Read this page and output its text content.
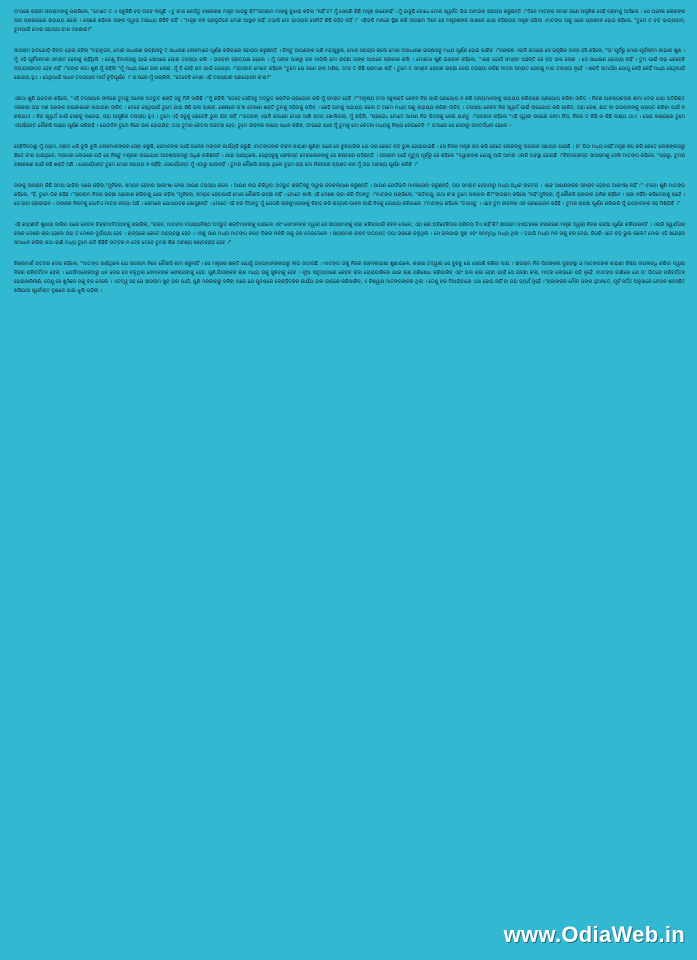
ତା'ପରେ ରାଜଜୀ ସୀତାରାମଙ୍କୁ ପଚାରିଲେ, "ମୋତେ ତ ଏ ସବୁକିଛି ବଡ଼ ଅଜବ ଲାଗୁଛି । ତୁ କ'ଣ କେଉଁଠୁ ବଶୀକରଣ ମନ୍ତ୍ର ପାଇଛୁ କି?"ସୀତାରାମ ମାଙ୍କୁ ବୁଝାଇ କହିଲା "ନାହିଁ ତ? ମୁଁ ସେପରି କିଛି ମନ୍ତ୍ର ଜାଣେନାହିଁ । ମୁଁ ଭାବୁଛି ବୋଧେ ମୋର ସ୍ୱର୍ଗତ ପିତା ଆମ୍ଭର ସହାୟତା କରୁଛନ୍ତି ।"ଦିନେ ମାତଙ୍ଗ ନାମକ ଜଣେ ତାନ୍ତ୍ରିକ ସେହି ଗ୍ରାମକୁ ଆସିଲେ । ସେ ଅନେକ ଲୋକଙ୍କ ନାନା ପ୍ରକାରରେ ସାହାଯ୍ୟ କଲେ । ଲୋକେ କହିଲେ ତାଙ୍କ ଦ୍ୱାରା ଅସାଧ୍ୟ କିଛିବି ନାହିଁ । "ମନ୍ତ୍ର ବଳ ପ୍ରଭୃତିରେ ମୋର ଆସ୍ଥାନ ନାହିଁ, ତଥାପି ମୋ ଭାଗ୍ୟର ସେମିତି କିଛି ରହିବ ନାହିଁ ।" ଏହିଭଳି ମନରେ ସ୍ଥିର କରି ସୀତାରାମ ଦିନେ ସେ ମନ୍ତ୍ରଜ୍ଞଙ୍କ ପାଖରେ ଯାଇ ବହିରାୟନ୍ଦ ମନ୍ତ୍ର ଜପିଲା ।ମାତଙ୍ଗ ତାକୁ ଥରେ ପ୍ରସନ୍ନ ହୋଇ କହିଲେ, "ତୁମେ ତ ବଡ଼ ଭାଗ୍ୟବାନ୍; ତୁମପାଇଁ ମୋର ସହାୟତା କ'ଣ ଦରକାର?"

ସୀତାରାମ ହାତଯୋଡ଼ି ବିନୀତ ହୋଇ କହିଲା "ମହାନୁଭବ, ମୋର ସାଧାରଣ ଇଚ୍ଛାସବୁ ତ ସାଧାରଣ ଲୋକମାନେ ପୂର୍ଣ୍ଣ କରିବାରେ ସହାୟତା କରୁଛନ୍ତି । କିନ୍ତୁ ଆପଣଙ୍କ ପରି ମହାପୁରୁଷ, ମୋର ସହାୟତା କଲେ ମୋର ଅସାଧାରଣ ଇଚ୍ଛାସବୁ ମଧ୍ୟ ପୂର୍ଣ୍ଣ ହୋଇ ପାରିବ ।"ତାଙ୍କର ଏଭଳି କଥାରେ ସେ ତାନ୍ତ୍ରିକ ଅଳ୍ପ ହସି କହିଲେ, "ତା' ପୂର୍ବରୁ ମୋର ପୂର୍ବଜନ୍ମ କାହାଣୀ ଶୁଣ । ମୁଁ ଏହି ପୂର୍ବଜନ୍ମର ସମ୍ରାଟ ହେବାକୁ ଚାହିଁଥିଲି । ତେଣୁ ହିମାଳୟକୁ ଯାଇ ସେଠାରେ ଘୋର ତପସ୍ୟା କଲି । ଭଗବାନ ପ୍ରତ୍ୟକ୍ଷ ହେଲେ । ମୁଁ ତାଙ୍କ ପାଖରୁ ବର ମାଗିଲି ମୋ ଇଚ୍ଛା ତାଙ୍କ ଆଗରେ ପ୍ରକାଶ କଲି । ମୋକଥା ଶୁଣି ଭଗବାନ କହିଲେ, "ଏବେ ଯେଉଁ ସମ୍ରାଟ ଅଛନ୍ତି ସେ ବଡ଼ ଭଲ ଲୋକ । ସେ ସାଧାରଣ ଯୋଗ୍ୟ ନାହିଁ । ତୁମ ପାଇଁ ତାହା କେବେବି ନ୍ୟାୟସଙ୍ଗତ ହେବ ନାହିଁ ।"ତାଙ୍କ କଥା ଶୁଣି ମୁଁ କହିଲି "ମୁଁ ମଧ୍ୟ ଜଣେ ଭଲ ଲୋକ, ମୁଁ ବି ସେହି ପଦ ପାଇଁ ଯୋଗ୍ୟ ।"ଭଗବାନ ମୋତେ କହିଲେ "ତୁମେ ଯେ ଜଣେ ଭଲ ମଣିଷ, ତା'ର ତ କିଛି ପ୍ରମାଣ ନାହିଁ । ତୁମେ ତ ସମ୍ରାଟ ହେବାର ଇଚ୍ଛା ନେଇ ତପସ୍ୟା କରିଛ ମାତ୍ର ସମ୍ରାଟ ହେବାକୁ ମାଗ ତପସ୍ୟା ନୁହେଁ । ଶକ୍ତି ସାମର୍ଥ୍ୟ ଯୋଗୁ କେହି କେହିଁ ମଧ୍ୟ ସେଥିପାଇଁ ଯୋଗ୍ୟ ହୁଏ । ସେଥିପାଇଁ ସାଧନ ତପସ୍ୟାର ମାର୍ଗ ଚୂଡ଼ିପୂର୍ଣ୍ଣ ।" ତା'ପରେ ମୁଁ ପଚାରିଲି, "ତେବେବି ମୋର ଏହି ତପସ୍ୟାର ପ୍ରୟୋଜନ କ'ଣ?"

ଏକଥା ଶୁଣି ଭଗବାନ କହିଲେ, "ଏହି ତପସ୍ୟାର ଫଳରେ ତୁମକୁ ଅନେକ ଅଦ୍ଭୁତ ଶକ୍ତି ସବୁ ମିଳି ସାରିଛି ।"ମୁଁ କହିଲି "ତେବେ ସେହିସବୁ ଅଦ୍ଭୁତ ଶକ୍ତିର ପ୍ରୟୋଗ କରି ମୁଁ ସମ୍ରାଟ ହେବି ।""ମନୁଷ୍ୟ ତା'ର ସବୁଶକ୍ତି କେବଳ ନିଜ ପାଇଁ ପ୍ରୟୋଗ ନ କରି ଅନ୍ୟମାନଙ୍କୁ ସାହାଯ୍ୟ କରିବାରେ ପ୍ରୟୋଗ କରିବା ଉଚିତ୍ । ନିଜର ଆବଶ୍ୟକତାର ଶୀମା ଦେଇ ଯାହା ଅତିରିକ୍ତ ଦରକାର ତାହା ଦଶ ଜଣଙ୍କ ଉପକାରରେ ଲଗାଇବା ଉଚିତ୍ । ତେବେ ସେଥିପାଇଁ ତୁମେ ଯାହା କିଛି ଭଲ ପାଇବ, ଶେଷରେ ତା'ର ଦେଖାଣ ଶକ୍ତି ତୁମକୁ ସହିବାକୁ ପଡ଼ିବ । କେହି ଆମକୁ ସାହାଯ୍ୟ କଲେ ତ ଆମେ ମଧ୍ୟ ତାକୁ ସାହାଯ୍ୟ କରିବା ଉଚିତ୍ । ତପସ୍ୟା କେବଳ ନିଜ ସ୍ୱାର୍ଥ ପାଇଁ ଉପଯୋଗ କରି ପାରିବ, ତାହା ବେଶ, ଛାତ ବା ଭଗବାନଙ୍କୁ ପ୍ରାପ୍ତ କରିବା ପାଇଁ ନ କରାଯାଏ । ନିଜ ସ୍ୱାର୍ଥ ପାଇଁ ସେବକୁ ଲଗେଇ, ତାହା ଆସୁରିକ ତପସ୍ୟା ହୁଏ । ତୁମେ ଏହି ସବୁକୁ କେବେବି ଭୁଲ ଯିବ ନାହିଁ ।"ଭଗବାନ୍ ଏଭଳି କଥାରେ ମୋର ଆଖି ହଠାତ୍ ଖୋଲିଗଲା, ମୁଁ କହିଲି, "ପ୍ରଭୋ, ମୋତେ ଆପଣ ନିଜ ଭିତରକୁ ନେଇ ଯାନ୍ତୁ ।"ଭଗବାନ କହିଲେ "ଏହି ପୃଥିବୀ ଉପରେ ଜନ୍ମ ନିଅ, ନିଜର ତ କିଛି ନା କିଛି ଲକ୍ଷ୍ୟ ଥାଏ । ସେଇ ଲକ୍ଷ୍ୟରେ ତୁମେ ଏପର୍ଯ୍ୟନ୍ତ କୌଣସି ଲକ୍ଷ୍ୟ ପୂର୍ଣ୍ଣ କରିନାହଁ । ଯେଉଦିନ ତୁମେ ନିଜେ ଭଲ ହୋଇଯିବ, ତଥା ତୁମର ଚେତନା ଉଚ୍ଚତର ହେବ, ତୁମେ ଜୀବନର ଲକ୍ଷ୍ୟ ସାଧନ କରିବ, ତା'ପରେ ଯାଇ ମୁଁ ତୁମକୁ ମୋ ଚେତନା ମଧ୍ୟକୁ ନିଶ୍ଚୟ ନେଇଚେବି ।" ତା'ପରେ ସେ ସେଠାରୁ ଅନ୍ତର୍ଦ୍ଧାନ ହେଲେ ।

ସେହିଦିନଠାରୁ ମୁଁ ଗ୍ରାମ, ଗ୍ରାମ ଧରି ବୁଲି ବୁଲି ଲୋକମାନଙ୍କର ସେବା କରୁଛି, ସେମାନଙ୍କ ପାଇଁ ଅନେକ ମଙ୍ଗଳ କାର୍ଯ୍ୟବି କରୁଛି ।ମାତଙ୍ଗଙ୍କ ଜୀବନ କାହାଣୀ ଶୁଣିବା ପରେ ସେ ବୁଝିପାରିଲା ଯେ ତାର କେତେ ବଡ଼ ଭୁଲ ହୋଇଯାଇଛି । ସେ ନିଜର ମନ୍ତ୍ର ଜପ କରି କେତେ ଲୋକଙ୍କୁ ଉପକାର ସହାୟତା ପାଇଛି । ତା' ପିତା ମଧ୍ୟ ସେହିଁ ମନ୍ତ୍ର ଜପ କରି କେତେ ଲୋକଙ୍କଠାରୁ କିତେ କ'ଣ ପାଇଥିବେ, ଦରାଗାର ଲୋଭରେ ପଡ଼ି ସେ ନିଷ୍ଟୁ ମନ୍ତ୍ରର ଉପଯୋଗ ଆବଶ୍ୟକତାରୁ ଅଧିକ କରିଛନ୍ତି । ଯାହା ପାଇଥିଲେ, ସେଥିସବୁକୁ ଫେରସ୍ତ ଦେବାଲୋକଙ୍କୁ ସେ କଷ୍ଟରେ ପଡ଼ିଛନ୍ତି । ସୀତାରାମ ପାଇଁ ମୃତ୍ୟୁ ପୂର୍ବରୁ ସେ କହିଲେ "ଦ୍ୱାରାଙ୍କ ଯୋଗୁ ଆଜି ଆମର ଏପରି ଅବସ୍ଥା ହୋଇଛି ।"ଚିନ୍ତାଗ୍ରସ୍ତ ସୀତାରାମକୁ ଦେଖି ମାତଙ୍ଗ କହିଲେ, "ପ୍ରଭୁ, ତୁମର ବଶୀକରଣ ପାଇଁ କଛି ଶକ୍ତି ଅଛି । ଯେପର୍ଯ୍ୟନ୍ତ ତୁମେ ମୋର ସହାୟତା ନ ଚାହିଁବ, ସେପର୍ଯ୍ୟନ୍ତ ମୁଁ ଏଠାରୁ ଯାଉନାହିଁ । ତୁମର କୌଣସି ଇଚ୍ଛା ଥିଲେ ତୁମେ ତାହା ମୋ ନିକଟରେ ବ୍ୟକ୍ତ କର ମୁଁ ତାହା ଅବଶ୍ୟ ପୂର୍ଣ୍ଣ କରିବି ।"

ତାଙ୍କୁ ସୀତାରାମ କିଛି ସମୟ ଭାବିବା ପରେ କହିଲା,"ମୁନିବର, ସମ୍ରାଟ ହେବାର ଆକାଂକ୍ଷା ନେଇ ଆପଣ ତପସ୍ୟା କଲେ । ଆପଣ ଲାଭ କରିଥିବା ଅଦ୍ଭୁତ ଶକ୍ତିସବୁ ଦ୍ୱାରା ଜନକଲ୍ୟାଣ କରୁଛନ୍ତି । ଆପଣ ଯେଉଁଭଳି ମାନବସେବା କରୁଛନ୍ତି, ତାହା ସମ୍ରାଟ ହେବାଠାରୁ ମଧ୍ୟ ଅଧିକ ଉଚ୍ଚତର । ଏବେ ଆପଣଙ୍କର ସମ୍ରାଟ ହେବାର ଆକାଂକ୍ଷା ନାହିଁ ।" ଏ'କଥା ଶୁଣି ମାତଙ୍ଗ କହିଲେ, "ହଁ, ତୁମେ ଠିକ କହିଛ ।"ସୀତାରାମ ନିଜର ଇଚ୍ଛା ପ୍ରକାଶ କରିବାକୁ ଯାଇ କହିଲା "ମୁନିବର, ସମ୍ରାଟ ହେବାପାଇଁ ମୋର କୌଣସି ଇଚ୍ଛା ନାହିଁ । ମୋତେ ଖାଲି ଏହି ଦେଶର ରାଜା କରି ଦିଅନ୍ତୁ ।"ମାତଙ୍ଗ ପଚାରିଲେ, "ଇତିବାନ୍ଦୁ, କଥା କ'ଣ ତୁମେ ଭଲଗଲ କି?"ସୀତାରାମ କହିଲେ "ନାହିଁ ମୁନିବର, ମୁଁ କୌଣସି ରାଜାଙ୍କ ହାନିକ ଚାହିଁନେ । ରାଜା ନହିଁବା କରିଦେବାକୁ ଚାହେଁ । ସେ ରାଜା ପ୍ରଜାହୀନ । ତାଙ୍କର ନିକଟକୁ ଗୋଟିଏ ମାତ୍ର କନ୍ୟା ଅଛି । ସେମାନେ ଯୋଗ୍ୟବର ଖୋଜୁଛନ୍ତି । ମୋତେ ଏହି ବର ଦିଅନ୍ତୁ ମୁଁ ଯେପରି ରାଜକୁମାରୀଙ୍କୁ ବିବାହ କରି ରାଜ୍ୟର ପାଳନ ପାଇଁ ନିଜକୁ ଯୋଗ୍ୟ କରିପାରେ ।"ମାତଙ୍ଗ କହିଲେ "ତଥାସ୍ତୁ । ଏବେ ତୁମ ଜୀବନର ଏକ ପ୍ରୟୋଜନ ରହିଛି । ତୁମର ଇଚ୍ଛା ପୂର୍ଣ୍ଣ କରିସାରି ମୁଁ ଭଗବାନଙ୍କ ସହ ମିଶିଯିବି ।"

ଏହି କାହାଣୀଟି ଶୁଣାଇ ସାରିବା ପରେ ବେତାଳ ବିକ୍ରମାଦିତ୍ୟଙ୍କୁ ପଚାରିଲା, "ରାଜନ, ମାତଙ୍ଗ ତପସ୍ୟାନିଷ୍ଠ ଅଦ୍ଭୁତ ଶକ୍ତିମାନଙ୍କୁ ପାଇଲେ ଏବଂ ସେମାନଙ୍କ ଦ୍ୱାରା ସେ ସୀତାରାମଙ୍କୁ ରାଜା କରିବାପାଇଁ ବଚନ ଦେଲେ; ଏହା କଣ ଅବିବେକିତାର ପରିଚୟ ଦିଏ ନାହିଁ କି? ସୀତାରାମ ବାସ୍ତବରେ ବସୀକରଣ ମନ୍ତ୍ର ଦ୍ୱାରା ନିଜର ଇଚ୍ଛା ପୂର୍ଣ୍ଣ କରିପାରନ୍ତି । ଏପରି ସ୍ୱାର୍ଥପର ଲୋକ ଦେଶର ରାଜା ହେଲେ ତାହା ତ ଦେଶର ଦୁର୍ଭାଗ୍ୟ ହେବ । ରାଜ୍ୟରେ କେତେ ଅବ୍ୟବସ୍ଥା ହେବ । ଏସବୁ ଜାଣ ମଧ୍ୟ ମାତଙ୍ଗ କପଟ ବିଚାର ନକରି ତାକୁ ବର ଦେଇଦେଲେ । ସୀତାରାମର ଜୀବନ ଅତ୍ୟନ୍ତ ଦୟା ଭରରେ ଚଳୁଥିଲା । ସେ ଭଲପାଇ ସୁଖ ଏବଂ ସମ୍ମୃଦ୍ଧି ମଧ୍ୟ ଥିଲା । ତଥାପି ମଧ୍ୟ ମନ ତାକୁ ବର ଦେଇ, ଜିଗରି ଏତେ ବଡ଼ ଭୁଲ କଲେ? ମୋର ଏହି ସନ୍ଦେହର ସମାଧାନ କରିବା କଥା ଜାଣି ମଧ୍ୟ ତୁମେ ଯଦି କିଛିବି ଉତ୍ତର ନ ଦେବ ତେବେ ତୁମର ଶିର ଅବଶ୍ୟ ଖଣ୍ଡଚ୍ଛଡ଼ ହେବ ।"

ବିକ୍ରମାର୍କ ଉତ୍ତର ଦେଇ କହିଲେ, "ମାତଙ୍ଗ ଜାଣିଥିଲେ ଯେ ସୀତାରାମ ନିଜେ କୌଣସି କାମ କରୁନାହିଁ । ସେ ମନ୍ତ୍ରର ଶକ୍ତି ଯୋଗୁଁ ଅନ୍ୟମାନଙ୍କଠାରୁ ଲାଭ ଉଠାଉଛି । ମାତଙ୍ଗ ତାକୁ ନିଜର ଜୀବନକାହାଣୀ ଶୁଣାଇଲେ, କାରଣ ତଦ୍ୱାରା ସେ ବୁଝିବୁ ଯେ ସେପରି କରିବା ପାପ । ସୀତାରାମ ନିଜ ପିତାଙ୍କର ଦୁରାବସ୍ଥା ଓ ମାତଙ୍ଗଙ୍କ କାହାଣୀ ବିଷୟ ଉପଲବ୍ଧି କରିବା ଦ୍ୱାରା ନିଜର ପରିବର୍ତ୍ତନ ହେଲା । ଯେଉଁମାନେକଠାରୁ ଧନ ନେଇ ସେ ଚଳୁଥିଲା ସେମାନଙ୍କ ଫେରାଇବାକୁ ହେବ, ପୁଣି,ପିତାଙ୍କର ଋଣ ମଧ୍ୟ ତାକୁ ସୁଝିବାକୁ ହେବ । ନୂଆ ସହୃଦୟତାରେ କେବଳ ରାଜା ହୋଇପାରିଲେ ଯାଇ ଋଣ ପରିଶୋଧ କରିପାରିବ ଏବଂ ଭଲ ରାଜା ହେବା ପାଇଁ ସେ ଇଚ୍ଛା କଲା, ମାତ୍ର ଲୋଭରେ ପଡ଼ି ନୁହେଁ ।ମାତଙ୍ଗ ଜାଣିଲେ ଯେ ତା' ଭିତରେ ପରିବର୍ତ୍ତନ ହୋଇସାରିଲାଣି, ତେଣୁ ସେ ଖୁସିରେ ତାକୁ ବର ଦେଲେ । ଏତଦ୍ୱ ସହ ଯେ ସୀତାରାମ ଖୁବ୍ ଭଲ ପାଇଁ, ପୁଣି ଦରକାରରୁ ବଳିବା ପରେ ଯେ ପୁନଶ୍ଚରେ ଲୋକହିତକର କାର୍ଯ୍ୟ ଭଲ ଭାବରେ କରିପାରିବ, ଏ ବିଶ୍ୱାସ ମାତଙ୍ଗଙ୍କର ଥିଲା । ତେଣୁ ବର ଦିଆଯିବାରେ ଏଥା ହୋଇ ନାହିଁ ବା ତାହା ବ୍ୟର୍ଥ ନୁହେଁ ।"ରାଜାଙ୍କର ମୌନ ଭଙ୍ଗ ହୁଅନ୍ତେ, ପୂର୍ବ ସର୍ତ୍ତ ଅନୁସାରେ ବେତାଳ ଶବସହିତ ଖସିଯାଇ ପୂର୍ବୋକ୍ତ ବୃକ୍ଷରେ ଯାଇ ଝୁଲି ପଡ଼ିଲା ।

www.OdiaWeb.in
